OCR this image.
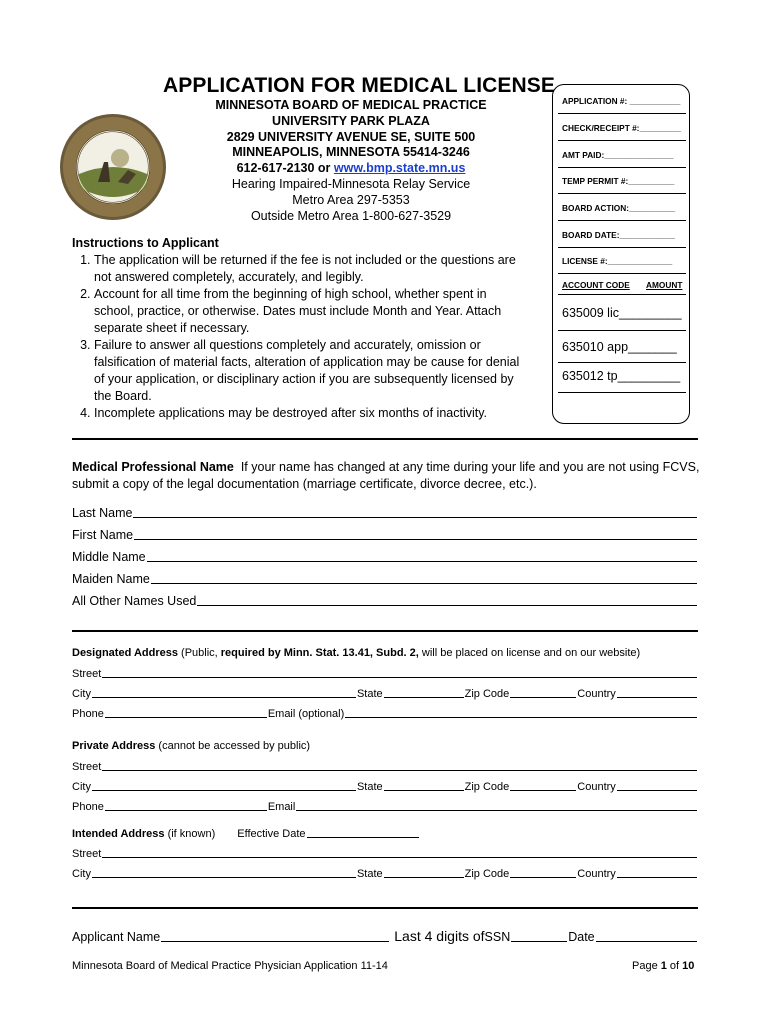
APPLICATION FOR MEDICAL LICENSE
MINNESOTA BOARD OF MEDICAL PRACTICE
UNIVERSITY PARK PLAZA
2829 UNIVERSITY AVENUE SE, SUITE 500
MINNEAPOLIS, MINNESOTA 55414-3246
612-617-2130 or www.bmp.state.mn.us
Hearing Impaired-Minnesota Relay Service
Metro Area 297-5353
Outside Metro Area 1-800-627-3529
APPLICATION #: ___________
CHECK/RECEIPT #:_________
AMT PAID:_______________
TEMP PERMIT #:__________
BOARD ACTION:__________
BOARD DATE:____________
LICENSE #:______________
ACCOUNT CODE AMOUNT
635009 lic_________
635010 app_______
635012 tp_________
Instructions to Applicant
1. The application will be returned if the fee is not included or the questions are not answered completely, accurately, and legibly.
2. Account for all time from the beginning of high school, whether spent in school, practice, or otherwise. Dates must include Month and Year. Attach separate sheet if necessary.
3. Failure to answer all questions completely and accurately, omission or falsification of material facts, alteration of application may be cause for denial of your application, or disciplinary action if you are subsequently licensed by the Board.
4. Incomplete applications may be destroyed after six months of inactivity.
Medical Professional Name If your name has changed at any time during your life and you are not using FCVS, submit a copy of the legal documentation (marriage certificate, divorce decree, etc.).
Last Name
First Name
Middle Name
Maiden Name
All Other Names Used
Designated Address (Public, required by Minn. Stat. 13.41, Subd. 2, will be placed on license and on our website)
Street
City	State	Zip Code	Country
Phone	Email (optional)
Private Address (cannot be accessed by public)
Street
City	State	Zip Code	Country
Phone	Email
Intended Address
(if known) Effective Date
Street
City	State	Zip Code	Country
Applicant Name	Last 4 digits of SSN	Date
Minnesota Board of Medical Practice Physician Application 11-14	Page 1 of 10
